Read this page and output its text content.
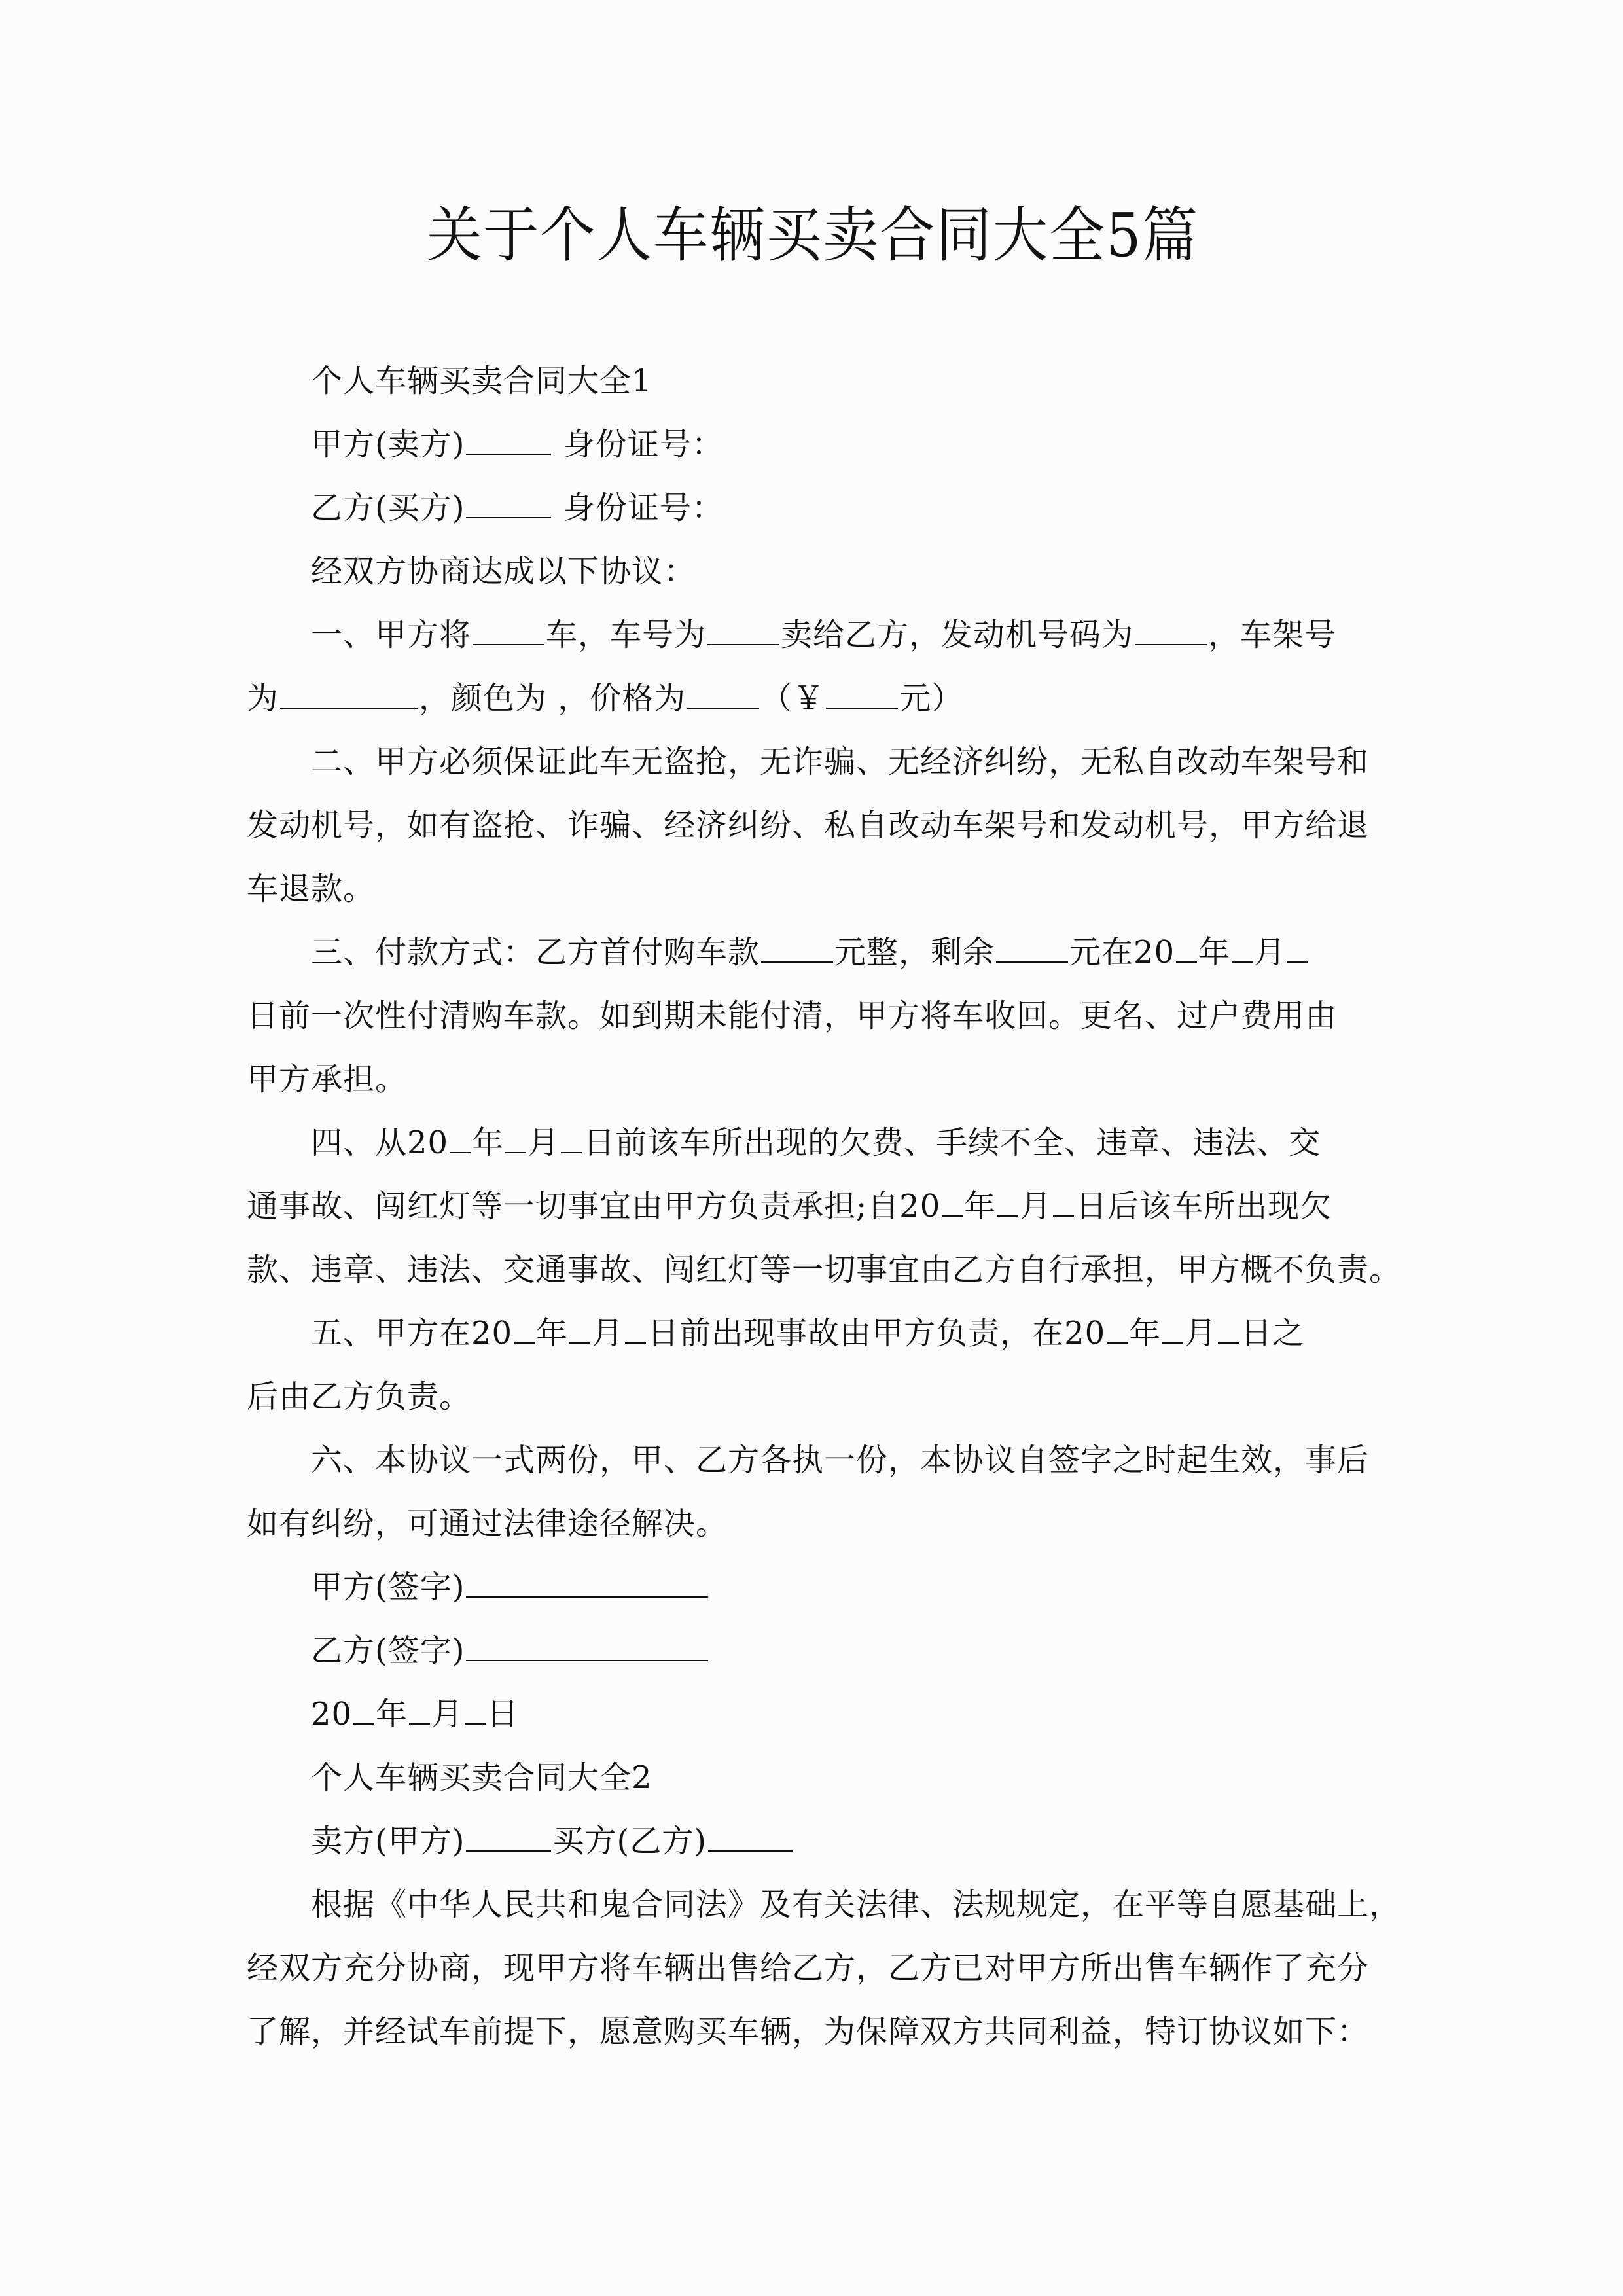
关于个人车辆买卖合同大全5篇
个人车辆买卖合同大全1
甲方(卖方)	身份证号：
乙方(买方)	身份证号：
经双方协商达成以下协议：
一、甲方将 车，车号为 卖给乙方，发动机号码为 ，车架号
为	，颜色为 ，价格为 （￥ 元）
二、甲方必须保证此车无盗抢，无诈骗、无经济纠纷，无私自改动车架号和
发动机号，如有盗抢、诈骗、经济纠纷、私自改动车架号和发动机号，甲方给退
车退款。
三、付款方式：乙方首付购车款 元整，剩余 元在20 年 月
日前一次性付清购车款。如到期未能付清，甲方将车收回。更名、过户费用由
甲方承担。
四、从20 年 月 日前该车所出现的欠费、手续不全、违章、违法、交
通事故、闯红灯等一切事宜由甲方负责承担;自20 年 月 日后该车所出现欠
款、违章、违法、交通事故、闯红灯等一切事宜由乙方自行承担，甲方概不负责。
五、甲方在20 年 月 日前出现事故由甲方负责，在20 年 月 日之
后由乙方负责。
六、本协议一式两份，甲、乙方各执一份，本协议自签字之时起生效，事后
如有纠纷，可通过法律途径解决。
甲方(签字)
乙方(签字)
20 年 月 日
个人车辆买卖合同大全2
卖方(甲方)	买方(乙方)
根据《中华人民共和鬼合同法》及有关法律、法规规定，在平等自愿基础上，
经双方充分协商，现甲方将车辆出售给乙方，乙方已对甲方所出售车辆作了充分
了解，并经试车前提下，愿意购买车辆，为保障双方共同利益，特订协议如下：
